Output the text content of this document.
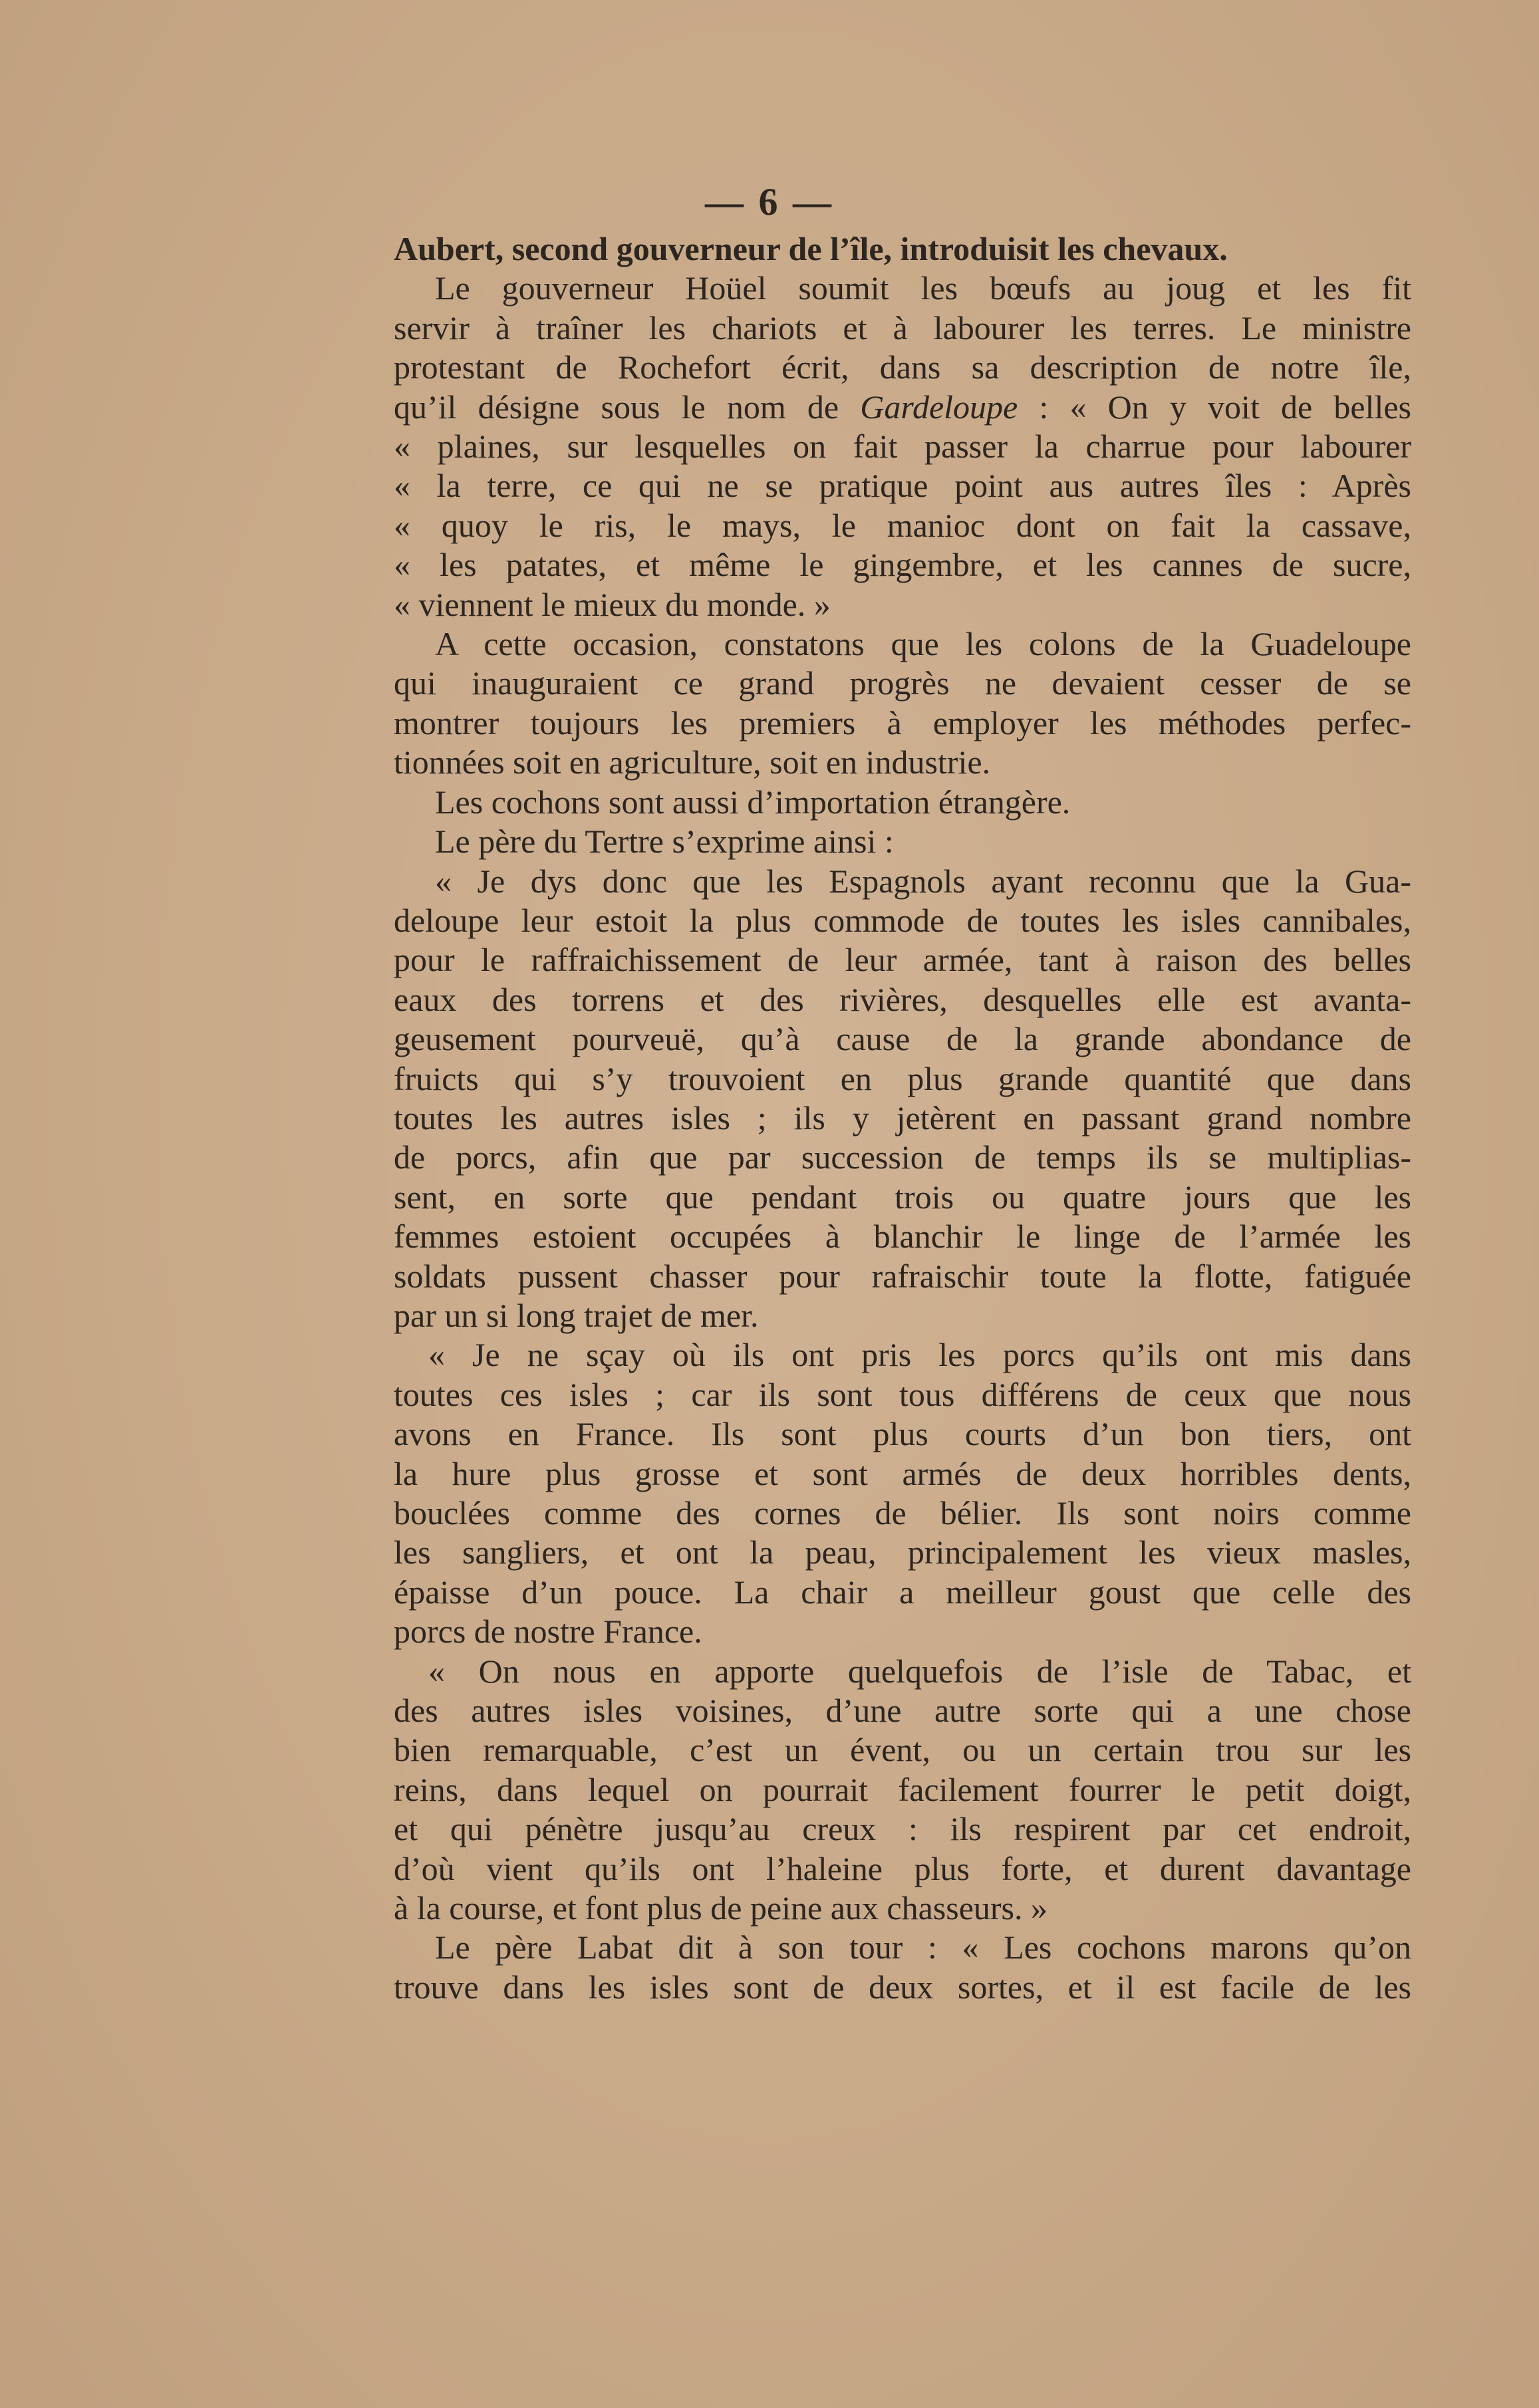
— 6 —

Aubert, second gouverneur de l’île, introduisit les chevaux.

Le gouverneur Hoüel soumit les bœufs au joug et les fit

servir à traîner les chariots et à labourer les terres. Le ministre

protestant de Rochefort écrit, dans sa description de notre île,

qu’il désigne sous le nom de Gardeloupe : « On y voit de belles

« plaines, sur lesquelles on fait passer la charrue pour labourer

« la terre, ce qui ne se pratique point aus autres îles : Après

« quoy le ris, le mays, le manioc dont on fait la cassave,

« les patates, et même le gingembre, et les cannes de sucre,

« viennent le mieux du monde. »

A cette occasion, constatons que les colons de la Guadeloupe

qui inauguraient ce grand progrès ne devaient cesser de se

montrer toujours les premiers à employer les méthodes perfec-

tionnées soit en agriculture, soit en industrie.

Les cochons sont aussi d’importation étrangère.

Le père du Tertre s’exprime ainsi :

« Je dys donc que les Espagnols ayant reconnu que la Gua-

deloupe leur estoit la plus commode de toutes les isles cannibales,

pour le raffraichissement de leur armée, tant à raison des belles

eaux des torrens et des rivières, desquelles elle est avanta-

geusement pourveuë, qu’à cause de la grande abondance de

fruicts qui s’y trouvoient en plus grande quantité que dans

toutes les autres isles ; ils y jetèrent en passant grand nombre

de porcs, afin que par succession de temps ils se multiplias-

sent, en sorte que pendant trois ou quatre jours que les

femmes estoient occupées à blanchir le linge de l’armée les

soldats pussent chasser pour rafraischir toute la flotte, fatiguée

par un si long trajet de mer.

« Je ne sçay où ils ont pris les porcs qu’ils ont mis dans

toutes ces isles ; car ils sont tous différens de ceux que nous

avons en France. Ils sont plus courts d’un bon tiers, ont

la hure plus grosse et sont armés de deux horribles dents,

bouclées comme des cornes de bélier. Ils sont noirs comme

les sangliers, et ont la peau, principalement les vieux masles,

épaisse d’un pouce. La chair a meilleur goust que celle des

porcs de nostre France.

« On nous en apporte quelquefois de l’isle de Tabac, et

des autres isles voisines, d’une autre sorte qui a une chose

bien remarquable, c’est un évent, ou un certain trou sur les

reins, dans lequel on pourrait facilement fourrer le petit doigt,

et qui pénètre jusqu’au creux : ils respirent par cet endroit,

d’où vient qu’ils ont l’haleine plus forte, et durent davantage

à la course, et font plus de peine aux chasseurs. »

Le père Labat dit à son tour : « Les cochons marons qu’on

trouve dans les isles sont de deux sortes, et il est facile de les
